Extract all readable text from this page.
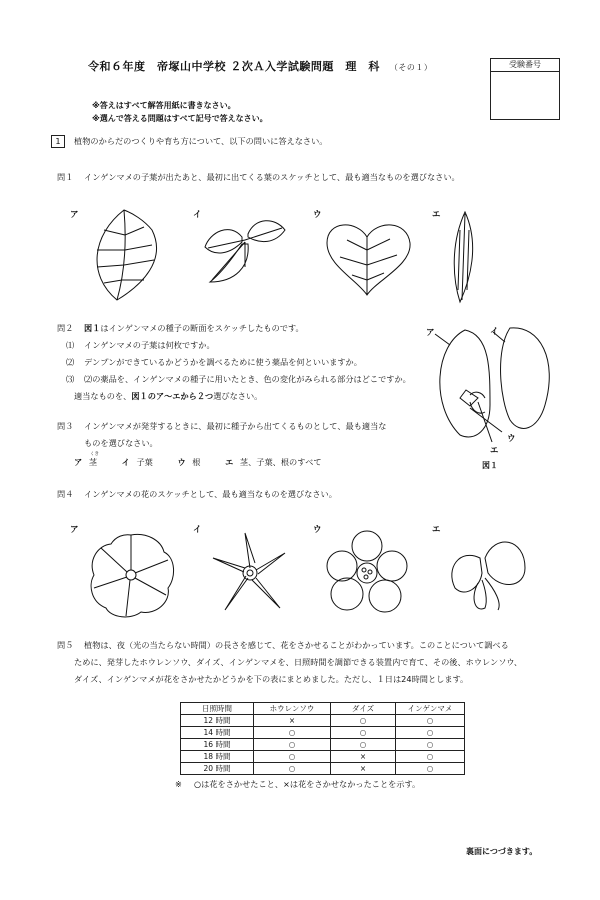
令和６年度　帝塚山中学校 ２次Ａ入学試験問題　理　科 （その１）	受験番号
※答えはすべて解答用紙に書きなさい。
※選んで答える問題はすべて記号で答えなさい。
1	植物のからだのつくりや育ち方について、以下の問いに答えなさい。
問１ インゲンマメの子葉が出たあと、最初に出てくる葉のスケッチとして、最も適当なものを選びなさい。
ア	イ	ウ	エ
問２ 図１はインゲンマメの種子の断面をスケッチしたものです。
⑴ インゲンマメの子葉は何枚ですか。
⑵ デンプンができているかどうかを調べるために使う薬品を何といいますか。
⑶ ⑵の薬品を、インゲンマメの種子に用いたとき、色の変化がみられる部分はどこですか。
適当なものを、図１のア～エから２つ選びなさい。
ア	イ
ウ
エ
図１
問３ インゲンマメが発芽するときに、最初に種子から出てくるものとして、最も適当な
ものを選びなさい。
くき
ア 茎	イ 子葉	ウ 根	エ 茎、子葉、根のすべて
問４ インゲンマメの花のスケッチとして、最も適当なものを選びなさい。
ア	イ	ウ	エ
問５ 植物は、夜（光の当たらない時間）の長さを感じて、花をさかせることがわかっています。このことについて調べる
ために、発芽したホウレンソウ、ダイズ、インゲンマメを、日照時間を調節できる装置内で育て、その後、ホウレンソウ、
ダイズ、インゲンマメが花をさかせたかどうかを下の表にまとめました。ただし、１日は24時間とします。
日照時間	ホウレンソウ	ダイズ	インゲンマメ
12 時間	×	○	○
14 時間	○	○	○
16 時間	○	○	○
18 時間	○	×	○
20 時間	○	×	○
※ ○は花をさかせたこと、×は花をさかせなかったことを示す。
裏面につづきます。
